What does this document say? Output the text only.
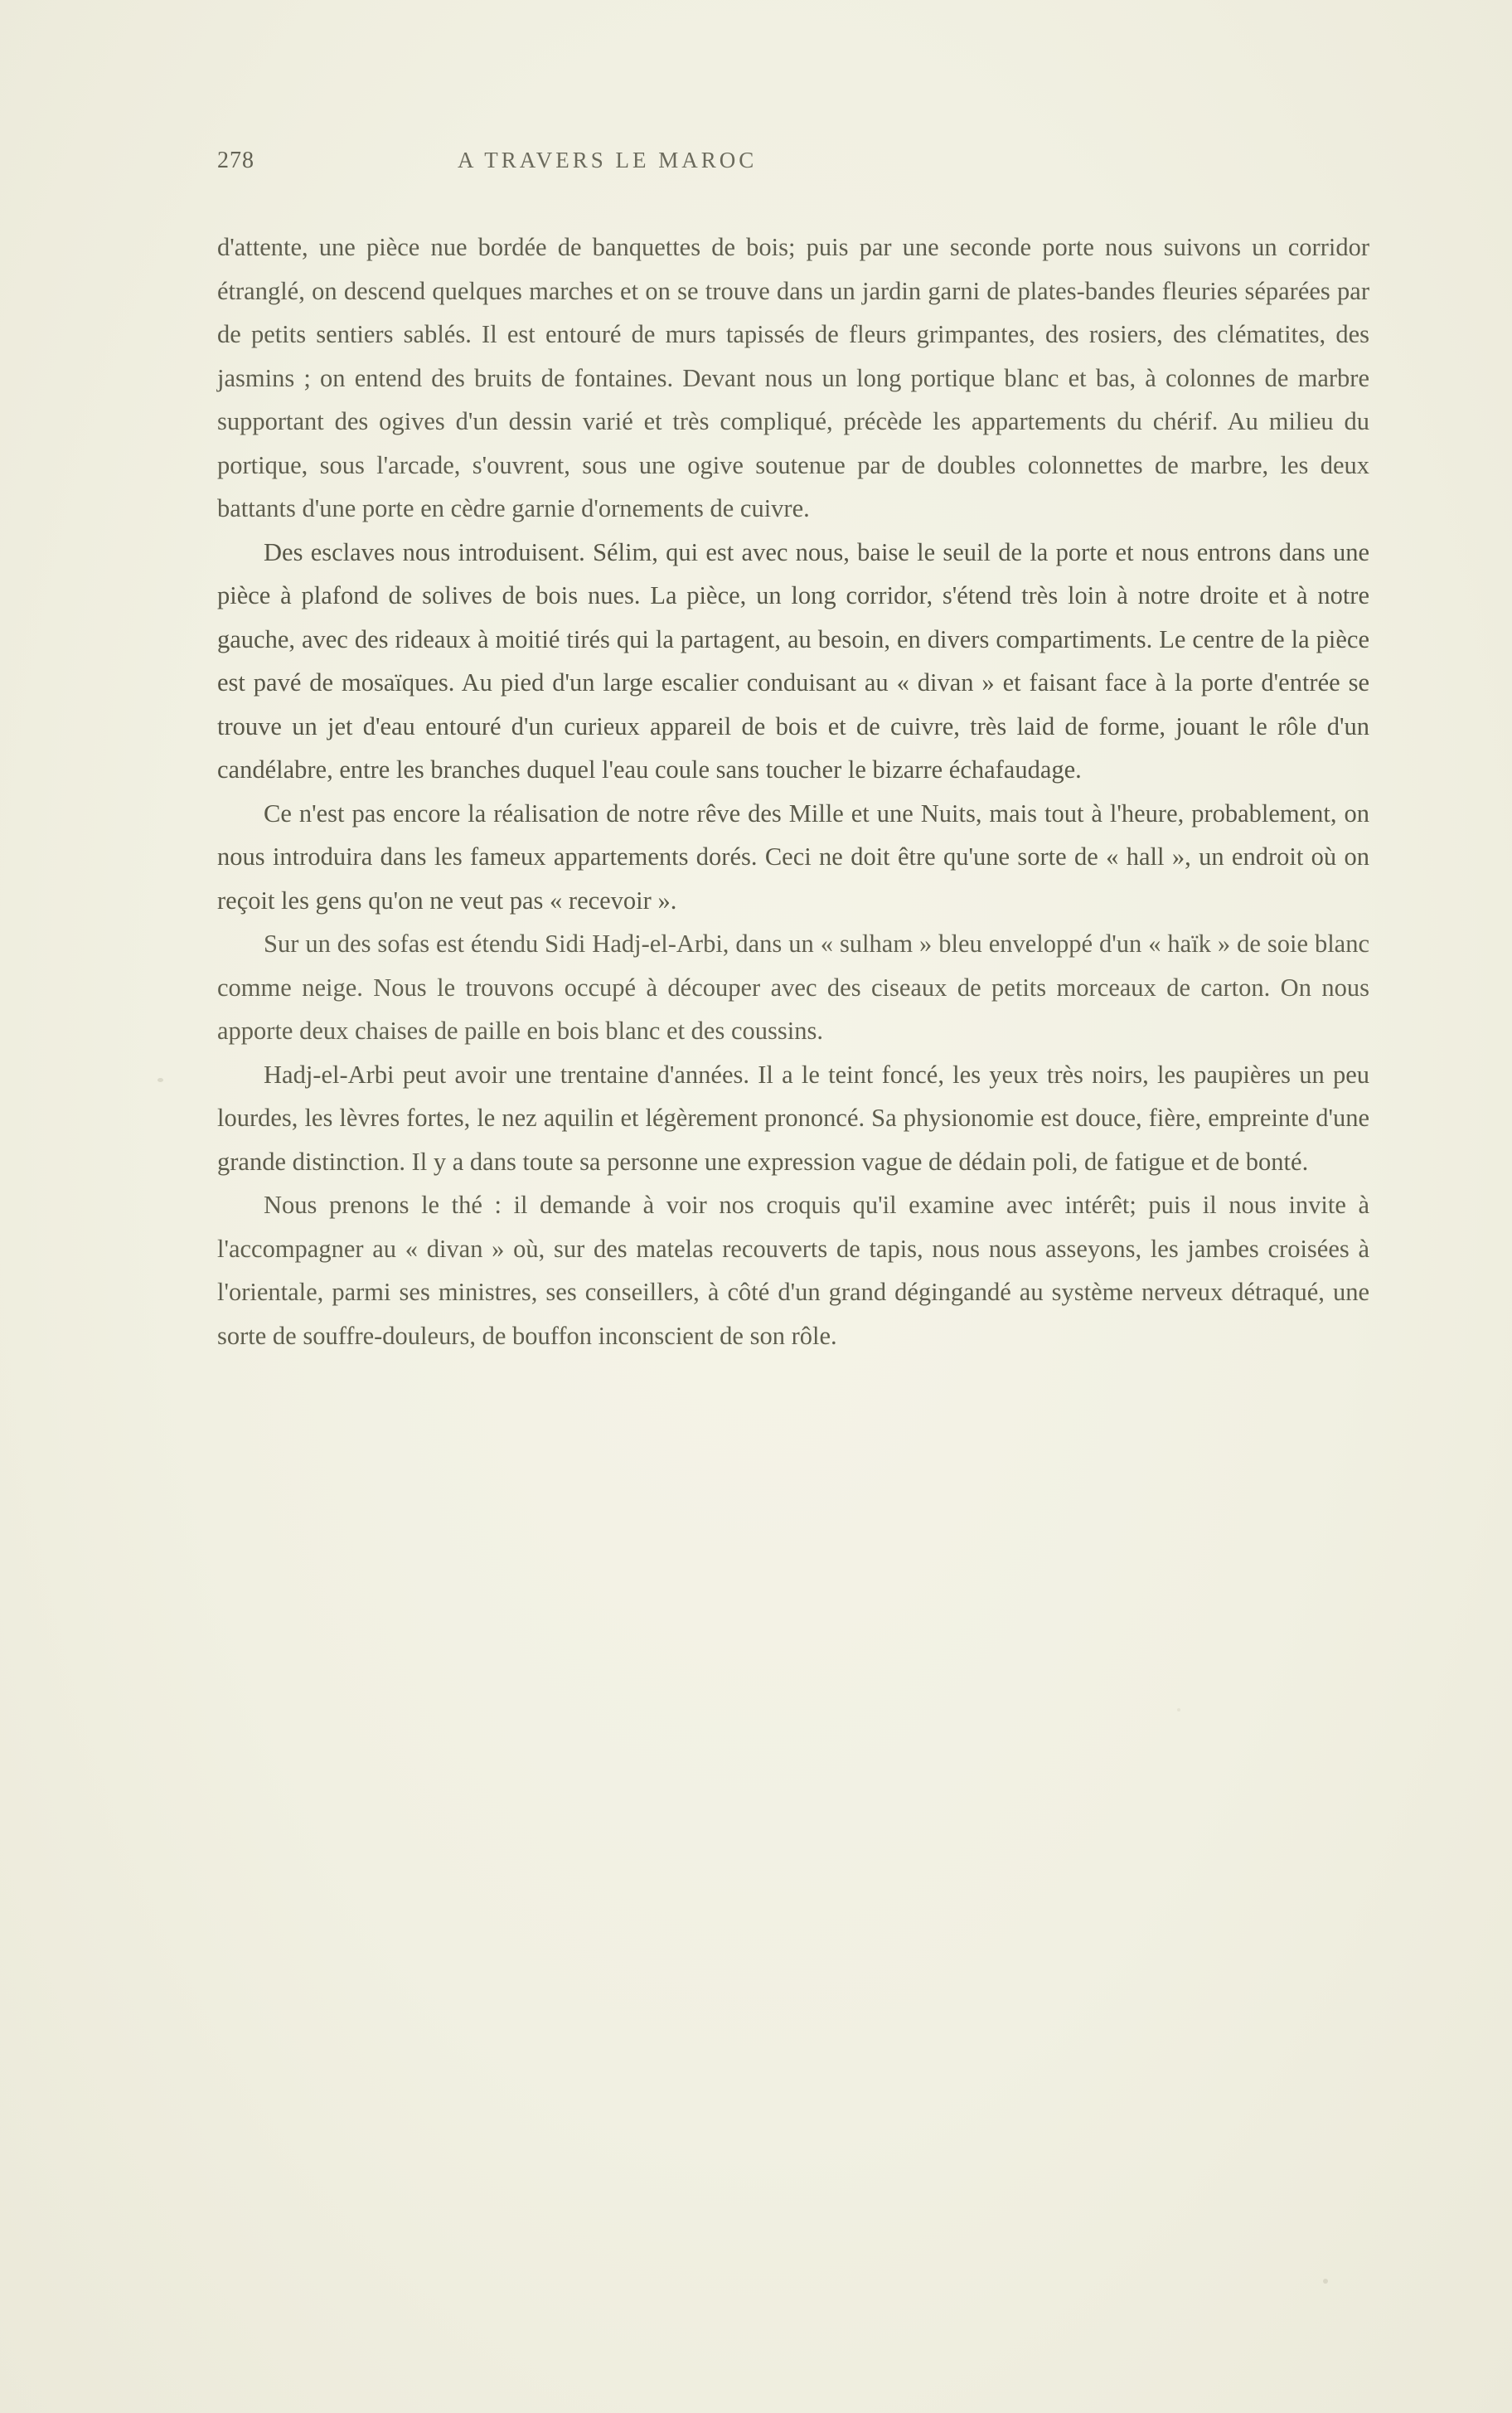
278	A TRAVERS LE MAROC

d'attente, une pièce nue bordée de banquettes de bois; puis par une seconde porte nous suivons un corridor étranglé, on descend quelques marches et on se trouve dans un jardin garni de plates-bandes fleuries séparées par de petits sentiers sablés. Il est entouré de murs tapissés de fleurs grimpantes, des rosiers, des clématites, des jasmins ; on entend des bruits de fontaines. Devant nous un long portique blanc et bas, à colonnes de marbre supportant des ogives d'un dessin varié et très compliqué, précède les appartements du chérif. Au milieu du portique, sous l'arcade, s'ouvrent, sous une ogive soutenue par de doubles colonnettes de marbre, les deux battants d'une porte en cèdre garnie d'ornements de cuivre.

Des esclaves nous introduisent. Sélim, qui est avec nous, baise le seuil de la porte et nous entrons dans une pièce à plafond de solives de bois nues. La pièce, un long corridor, s'étend très loin à notre droite et à notre gauche, avec des rideaux à moitié tirés qui la partagent, au besoin, en divers compartiments. Le centre de la pièce est pavé de mosaïques. Au pied d'un large escalier conduisant au « divan » et faisant face à la porte d'entrée se trouve un jet d'eau entouré d'un curieux appareil de bois et de cuivre, très laid de forme, jouant le rôle d'un candélabre, entre les branches duquel l'eau coule sans toucher le bizarre échafaudage.

Ce n'est pas encore la réalisation de notre rêve des Mille et une Nuits, mais tout à l'heure, probablement, on nous introduira dans les fameux appartements dorés. Ceci ne doit être qu'une sorte de « hall », un endroit où on reçoit les gens qu'on ne veut pas « recevoir ».

Sur un des sofas est étendu Sidi Hadj-el-Arbi, dans un « sulham » bleu enveloppé d'un « haïk » de soie blanc comme neige. Nous le trouvons occupé à découper avec des ciseaux de petits morceaux de carton. On nous apporte deux chaises de paille en bois blanc et des coussins.

Hadj-el-Arbi peut avoir une trentaine d'années. Il a le teint foncé, les yeux très noirs, les paupières un peu lourdes, les lèvres fortes, le nez aquilin et légèrement prononcé. Sa physionomie est douce, fière, empreinte d'une grande distinction. Il y a dans toute sa personne une expression vague de dédain poli, de fatigue et de bonté.

Nous prenons le thé : il demande à voir nos croquis qu'il examine avec intérêt; puis il nous invite à l'accompagner au « divan » où, sur des matelas recouverts de tapis, nous nous asseyons, les jambes croisées à l'orientale, parmi ses ministres, ses conseillers, à côté d'un grand dégingandé au système nerveux détraqué, une sorte de souffre-douleurs, de bouffon inconscient de son rôle.
